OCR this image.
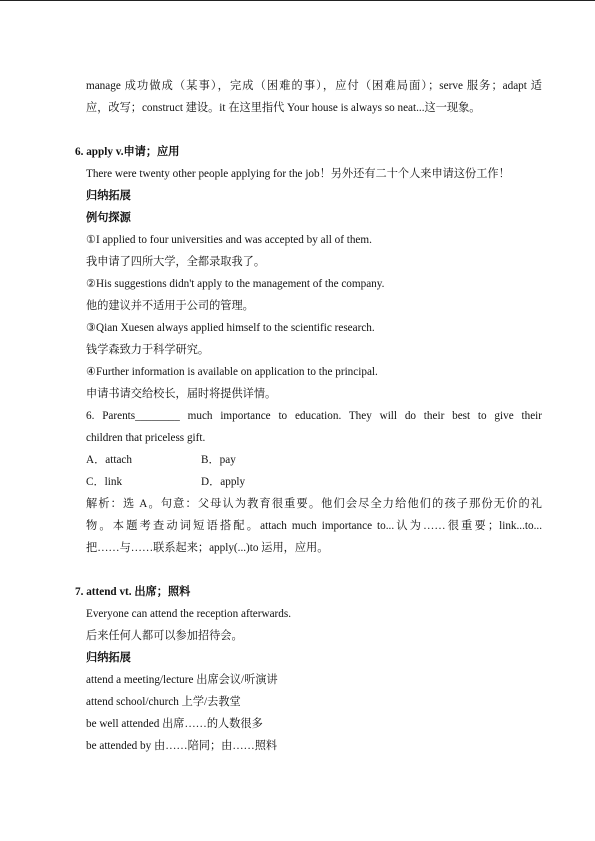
manage 成功做成（某事），完成（困难的事），应付（困难局面）；serve 服务；adapt 适
应，改写；construct 建设。it 在这里指代 Your house is always so neat...这一现象。
6. apply v.申请；应用
There were twenty other people applying for the job！另外还有二十个人来申请这份工作！
归纳拓展
例句探源
①I applied to four universities and was accepted by all of them.
我申请了四所大学，全都录取我了。
②His suggestions didn't apply to the management of the company.
他的建议并不适用于公司的管理。
③Qian Xuesen always applied himself to the scientific research.
钱学森致力于科学研究。
④Further information is available on application to the principal.
申请书请交给校长，届时将提供详情。
6. Parents________ much importance to education. They will do their best to give their
children that priceless gift.
A．attach	B．pay
C．link	D．apply
解析：选 A。句意：父母认为教育很重要。他们会尽全力给他们的孩子那份无价的礼
物。本题考查动词短语搭配。attach much importance to...认为……很重要；link...to...
把……与……联系起来；apply(...)to 运用，应用。
7. attend vt. 出席；照料
Everyone can attend the reception afterwards.
后来任何人都可以参加招待会。
归纳拓展
attend a meeting/lecture 出席会议/听演讲
attend school/church 上学/去教堂
be well attended 出席……的人数很多
be attended by 由……陪同；由……照料
